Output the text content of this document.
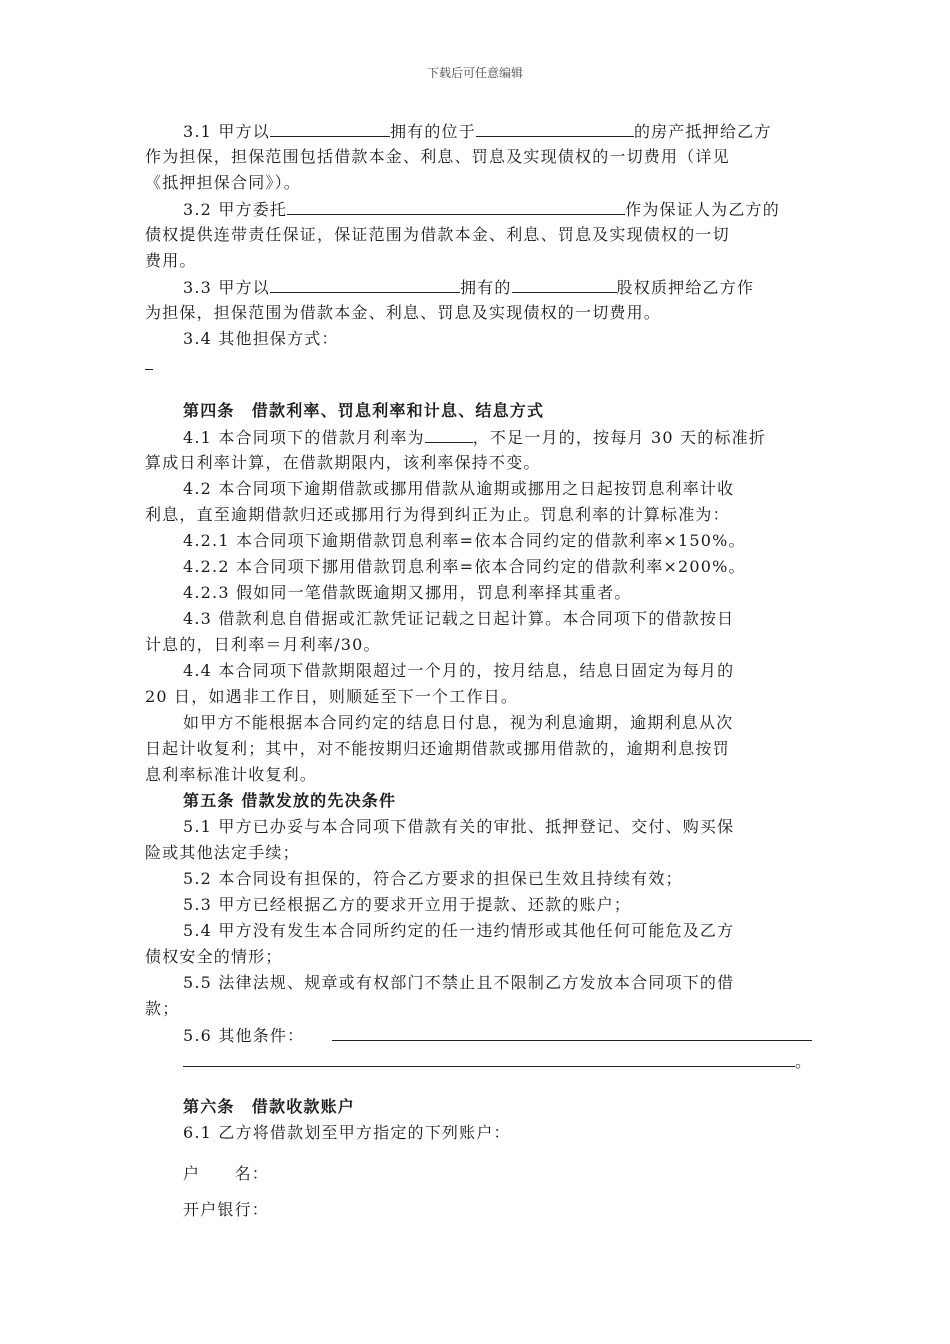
下载后可任意编辑
3.1 甲方以	拥有的位于	的房产抵押给乙方
作为担保，担保范围包括借款本金、利息、罚息及实现债权的一切费用（详见
《抵押担保合同》）。
3.2 甲方委托	作为保证人为乙方的
债权提供连带责任保证，保证范围为借款本金、利息、罚息及实现债权的一切
费用。
3.3 甲方以	拥有的	股权质押给乙方作
为担保，担保范围为借款本金、利息、罚息及实现债权的一切费用。
3.4 其他担保方式：
第四条　借款利率、罚息利率和计息、结息方式
4.1 本合同项下的借款月利率为	，不足一月的，按每月 30 天的标准折
算成日利率计算，在借款期限内，该利率保持不变。
4.2 本合同项下逾期借款或挪用借款从逾期或挪用之日起按罚息利率计收
利息，直至逾期借款归还或挪用行为得到纠正为止。罚息利率的计算标准为：
4.2.1 本合同项下逾期借款罚息利率=依本合同约定的借款利率×150%。
4.2.2 本合同项下挪用借款罚息利率=依本合同约定的借款利率×200%。
4.2.3 假如同一笔借款既逾期又挪用，罚息利率择其重者。
4.3 借款利息自借据或汇款凭证记载之日起计算。本合同项下的借款按日
计息的，日利率＝月利率/30。
4.4 本合同项下借款期限超过一个月的，按月结息，结息日固定为每月的
20 日，如遇非工作日，则顺延至下一个工作日。
如甲方不能根据本合同约定的结息日付息，视为利息逾期，逾期利息从次
日起计收复利；其中，对不能按期归还逾期借款或挪用借款的，逾期利息按罚
息利率标准计收复利。
第五条 借款发放的先决条件
5.1 甲方已办妥与本合同项下借款有关的审批、抵押登记、交付、购买保
险或其他法定手续；
5.2 本合同设有担保的，符合乙方要求的担保已生效且持续有效；
5.3 甲方已经根据乙方的要求开立用于提款、还款的账户；
5.4 甲方没有发生本合同所约定的任一违约情形或其他任何可能危及乙方
债权安全的情形；
5.5 法律法规、规章或有权部门不禁止且不限制乙方发放本合同项下的借
款；
5.6 其他条件：
。
第六条　借款收款账户
6.1 乙方将借款划至甲方指定的下列账户：
户　　名：
开户银行：
